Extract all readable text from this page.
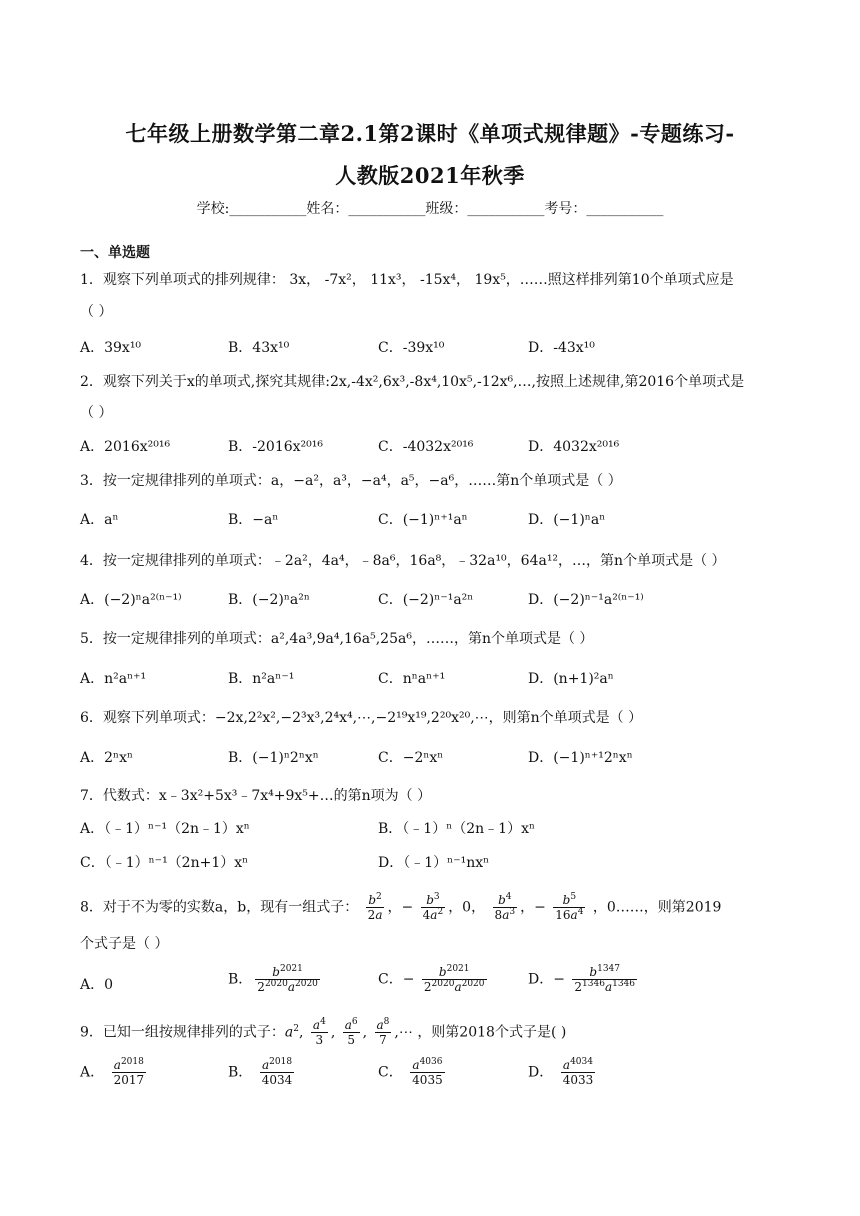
七年级上册数学第二章2.1第2课时《单项式规律题》-专题练习-
人教版2021年秋季
学校:___________姓名：___________班级：___________考号：___________
一、单选题
1．观察下列单项式的排列规律： 3x， -7x²， 11x³， -15x⁴， 19x⁵，……照这样排列第10个单项式应是
（ ）
A．39x¹⁰	B．43x¹⁰	C．-39x¹⁰	D．-43x¹⁰
2．观察下列关于x的单项式,探究其规律:2x,-4x²,6x³,-8x⁴,10x⁵,-12x⁶,…,按照上述规律,第2016个单项式是
（ ）
A．2016x²⁰¹⁶	B．-2016x²⁰¹⁶	C．-4032x²⁰¹⁶	D．4032x²⁰¹⁶
3．按一定规律排列的单项式：a，−a²，a³，−a⁴，a⁵，−a⁶，……第n个单项式是（ ）
A．aⁿ	B．−aⁿ	C．(−1)ⁿ⁺¹aⁿ	D．(−1)ⁿaⁿ
4．按一定规律排列的单项式：﹣2a²，4a⁴，﹣8a⁶，16a⁸，﹣32a¹⁰，64a¹²，…，第n个单项式是（ ）
A．(−2)ⁿa²⁽ⁿ⁻¹⁾	B．(−2)ⁿa²ⁿ	C．(−2)ⁿ⁻¹a²ⁿ	D．(−2)ⁿ⁻¹a²⁽ⁿ⁻¹⁾
5．按一定规律排列的单项式：a²,4a³,9a⁴,16a⁵,25a⁶，……，第n个单项式是（ ）
A．n²aⁿ⁺¹	B．n²aⁿ⁻¹	C．nⁿaⁿ⁺¹	D．(n+1)²aⁿ
6．观察下列单项式：−2x,2²x²,−2³x³,2⁴x⁴,⋯,−2¹⁹x¹⁹,2²⁰x²⁰,⋯，则第n个单项式是（ ）
A．2ⁿxⁿ	B．(−1)ⁿ2ⁿxⁿ	C．−2ⁿxⁿ	D．(−1)ⁿ⁺¹2ⁿxⁿ
7．代数式：x﹣3x²+5x³﹣7x⁴+9x⁵+…的第n项为（ ）
A．（﹣1）ⁿ⁻¹（2n﹣1）xⁿ	B．（﹣1）ⁿ（2n﹣1）xⁿ
C．（﹣1）ⁿ⁻¹（2n+1）xⁿ	D．（﹣1）ⁿ⁻¹nxⁿ
8．对于不为零的实数a，b，现有一组式子： $\frac{b^2}{2a}$ ，− $\frac{b^3}{4a^2}$ ，0， $\frac{b^4}{8a^3}$ ，− $\frac{b^5}{16a^4}$ ，0……，则第2019
个式子是（ ）
A．0	B． $\frac{b^{2021}}{2^{2020}a^{2020}}$	C．− $\frac{b^{2021}}{2^{2020}a^{2020}}$	D．− $\frac{b^{1347}}{2^{1346}a^{1346}}$
9．已知一组按规律排列的式子：$a^2$, $\frac{a^4}{3}$ , $\frac{a^6}{5}$ , $\frac{a^8}{7}$ ,⋯ ，则第2018个式子是( )
A． $\frac{a^{2018}}{2017}$	B． $\frac{a^{2018}}{4034}$	C． $\frac{a^{4036}}{4035}$	D． $\frac{a^{4034}}{4033}$
